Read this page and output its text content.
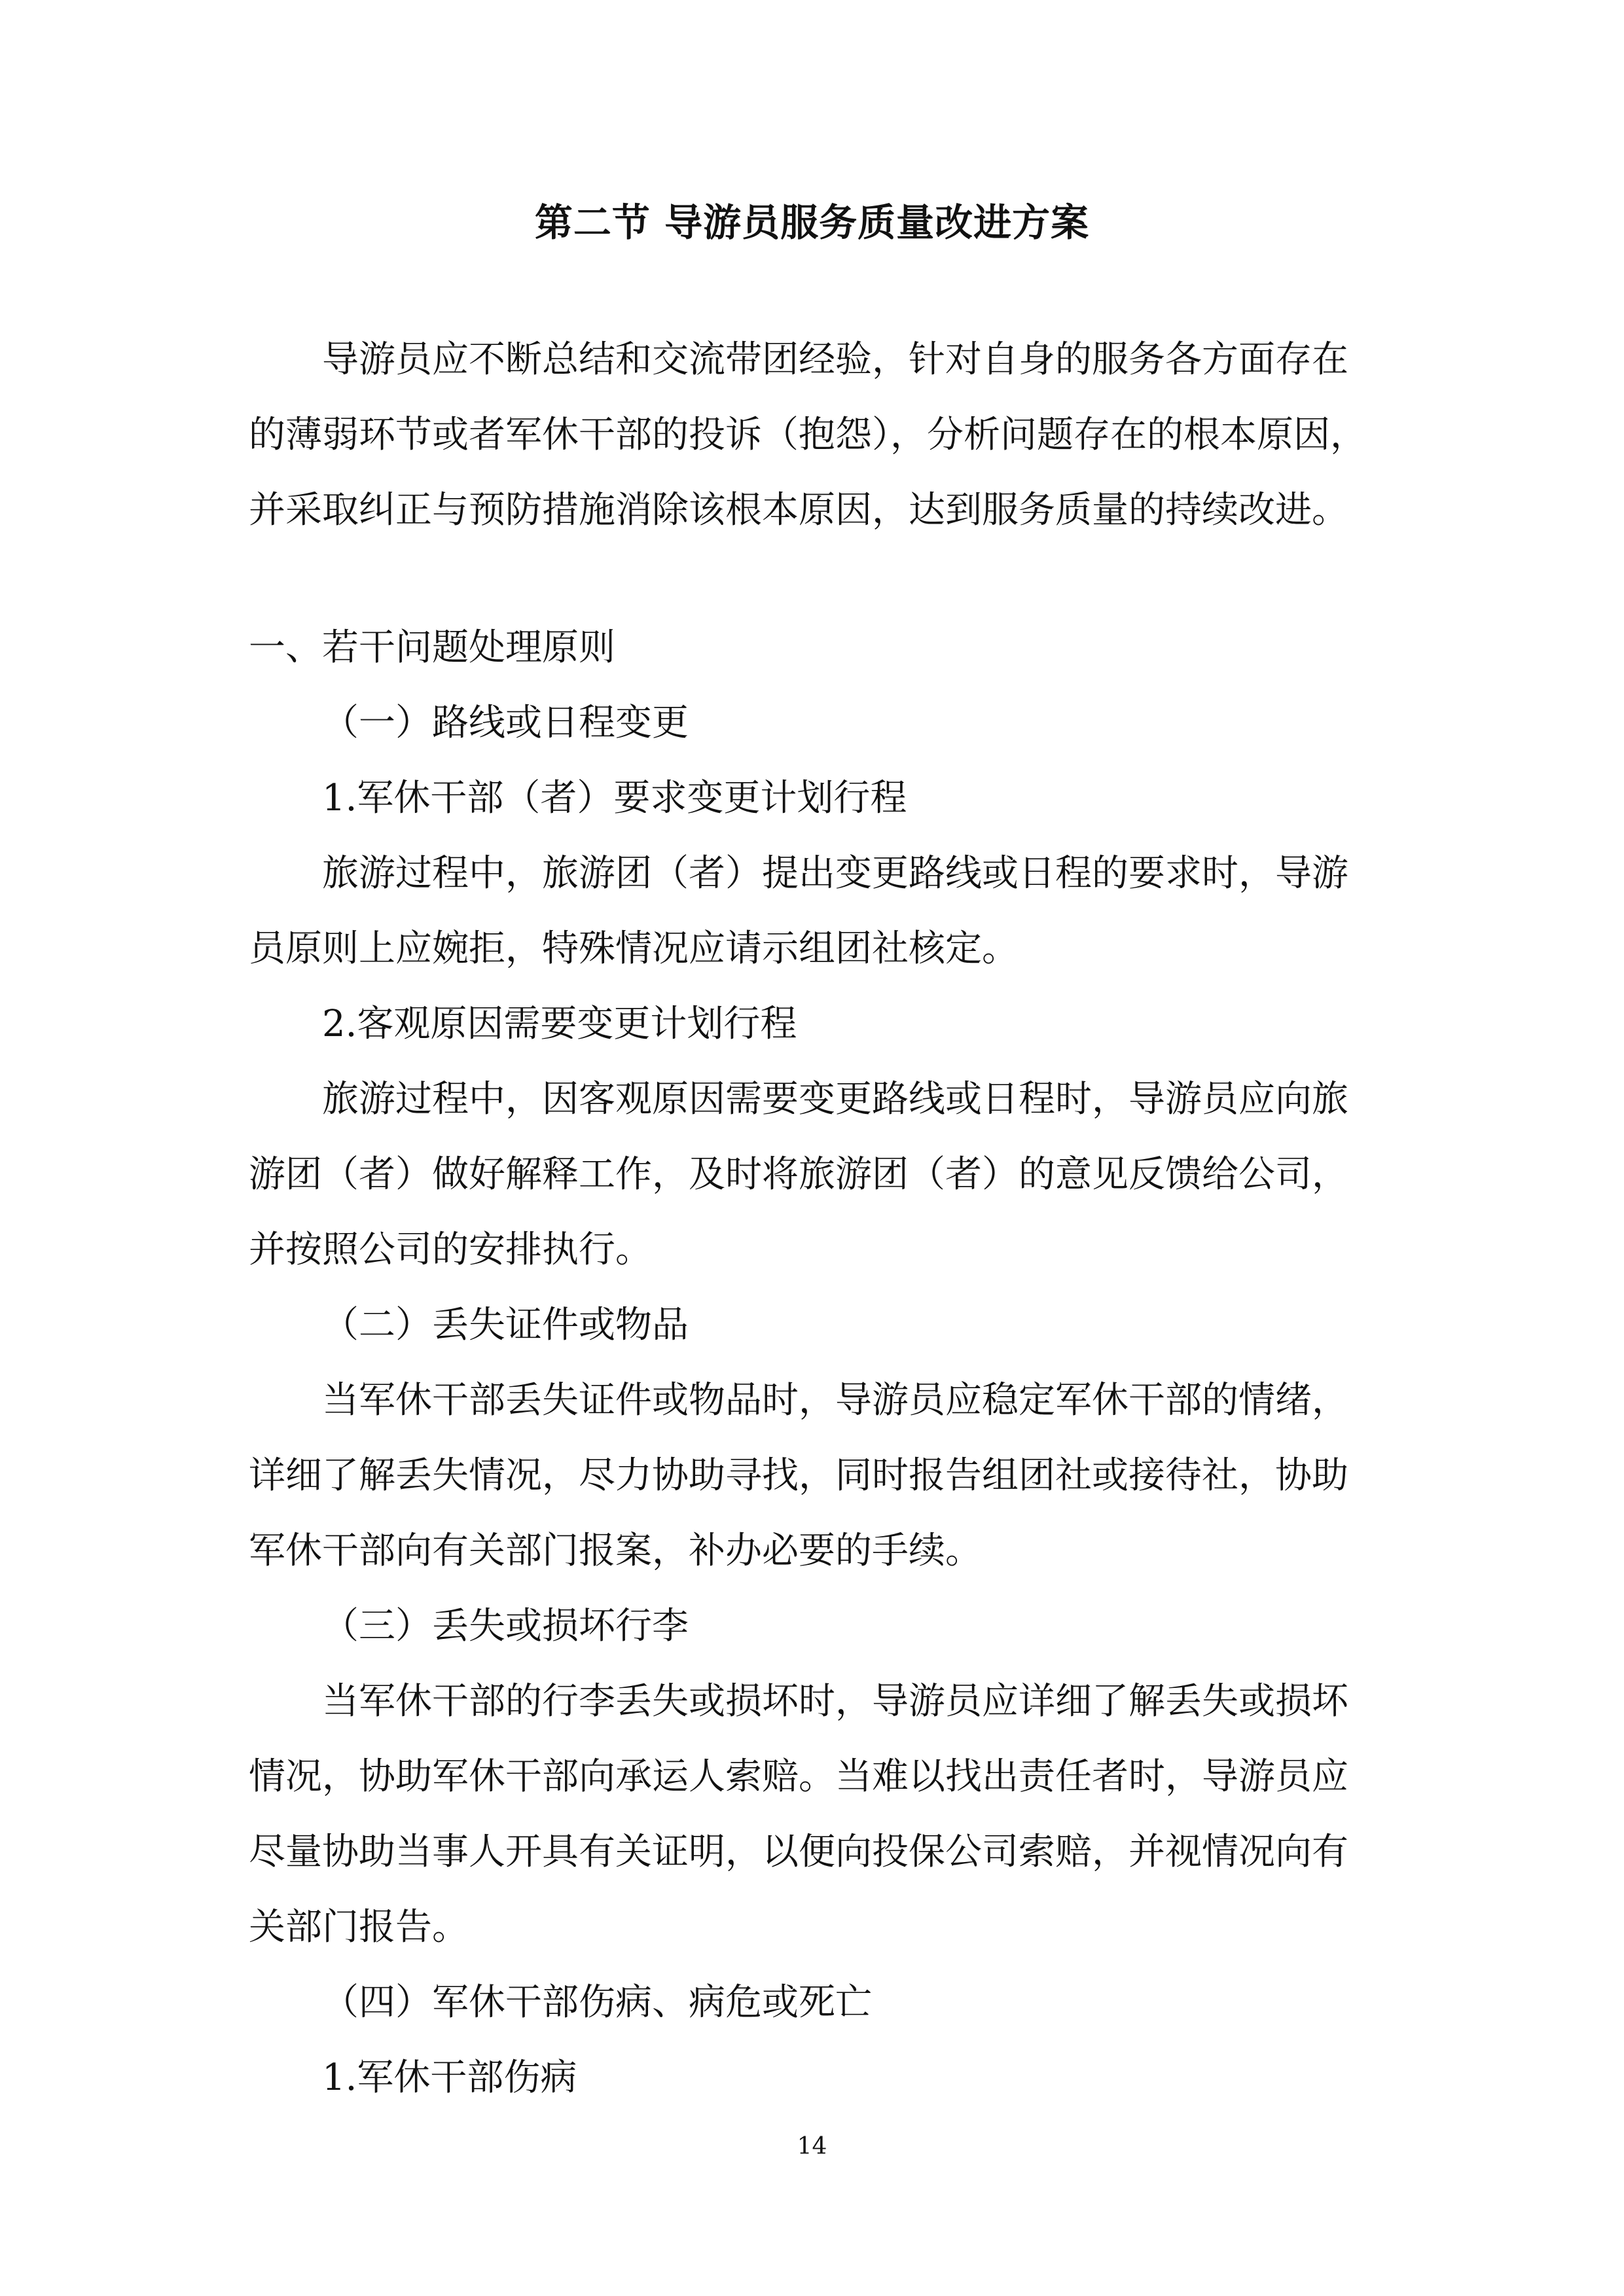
第二节 导游员服务质量改进方案
导游员应不断总结和交流带团经验，针对自身的服务各方面存在
的薄弱环节或者军休干部的投诉（抱怨），分析问题存在的根本原因，
并采取纠正与预防措施消除该根本原因，达到服务质量的持续改进。
一、若干问题处理原则
（一）路线或日程变更
1.军休干部（者）要求变更计划行程
旅游过程中，旅游团（者）提出变更路线或日程的要求时，导游
员原则上应婉拒，特殊情况应请示组团社核定。
2.客观原因需要变更计划行程
旅游过程中，因客观原因需要变更路线或日程时，导游员应向旅
游团（者）做好解释工作，及时将旅游团（者）的意见反馈给公司，
并按照公司的安排执行。
（二）丢失证件或物品
当军休干部丢失证件或物品时，导游员应稳定军休干部的情绪，
详细了解丢失情况，尽力协助寻找，同时报告组团社或接待社，协助
军休干部向有关部门报案，补办必要的手续。
（三）丢失或损坏行李
当军休干部的行李丢失或损坏时，导游员应详细了解丢失或损坏
情况，协助军休干部向承运人索赔。当难以找出责任者时，导游员应
尽量协助当事人开具有关证明，以便向投保公司索赔，并视情况向有
关部门报告。
（四）军休干部伤病、病危或死亡
1.军休干部伤病
14
